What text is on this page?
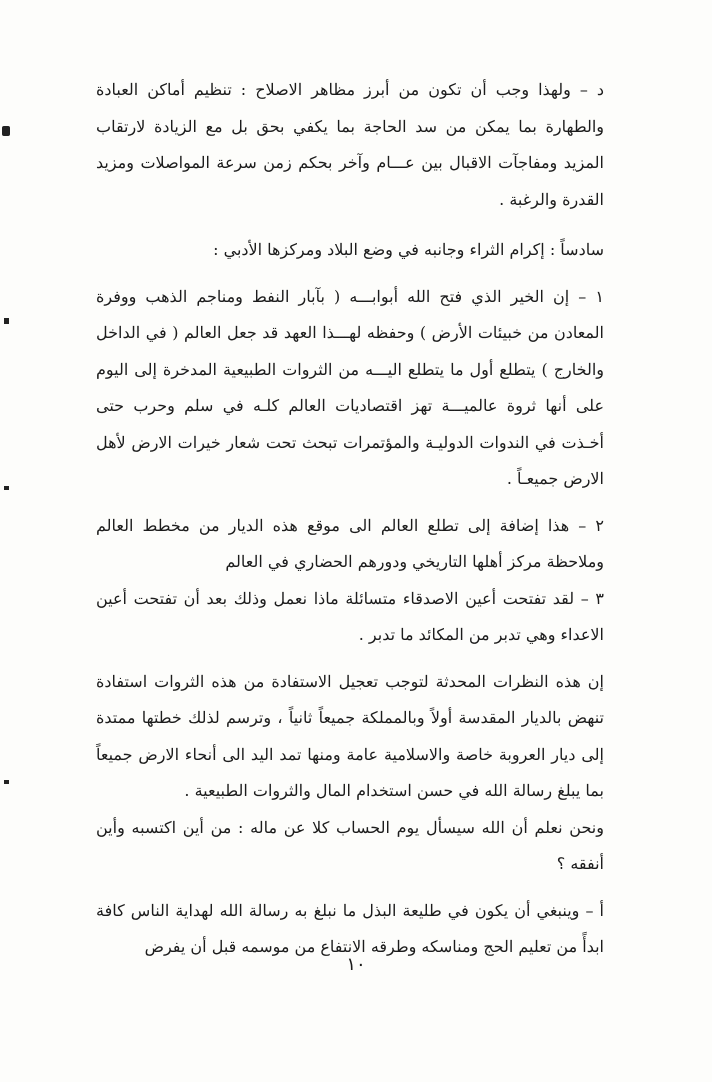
د – ولهذا وجب أن تكون من أبرز مظاهر الاصلاح : تنظيم أماكن العبادة والطهارة بما يمكن من سد الحاجة بما يكفي بحق بل مع الزيادة لارتقاب المزيد ومفاجآت الاقبال بين عـــام وآخر بحكم زمن سرعة المواصلات ومزيد القدرة والرغبة .

سادساً : إكرام الثراء وجانبه في وضع البلاد ومركزها الأدبي :

١ – إن الخير الذي فتح الله أبوابـــه ( بآبار النفط ومناجم الذهب ووفرة المعادن من خبيئات الأرض ) وحفظه لهـــذا العهد قد جعل العالم ( في الداخل والخارج ) يتطلع أول ما يتطلع اليـــه من الثروات الطبيعية المدخرة إلى اليوم على أنها ثروة عالميـــة تهز اقتصاديات العالم كلـه في سلم وحرب حتى أخـذت في الندوات الدوليـة والمؤتمرات تبحث تحت شعار خيرات الارض لأهل الارض جميعـاً .

٢ – هذا إضافة إلى تطلع العالم الى موقع هذه الديار من مخطط العالم وملاحظة مركز أهلها التاريخي ودورهم الحضاري في العالم

٣ – لقد تفتحت أعين الاصدقاء متسائلة ماذا نعمل وذلك بعد أن تفتحت أعين الاعداء وهي تدبر من المكائد ما تدبر .

إن هذه النظرات المحدثة لتوجب تعجيل الاستفادة من هذه الثروات استفادة تنهض بالديار المقدسة أولاً وبالمملكة جميعاً ثانياً ، وترسم لذلك خطتها ممتدة إلى ديار العروبة خاصة والاسلامية عامة ومنها تمد اليد الى أنحاء الارض جميعاً بما يبلغ رسالة الله في حسن استخدام المال والثروات الطبيعية .

ونحن نعلم أن الله سيسأل يوم الحساب كلا عن ماله : من أين اكتسبه وأين أنفقه ؟

أ – وينبغي أن يكون في طليعة البذل ما نبلغ به رسالة الله لهداية الناس كافة ابدأً من تعليم الحج ومناسكه وطرقه الانتفاع من موسمه قبل أن يفرض

١٠
